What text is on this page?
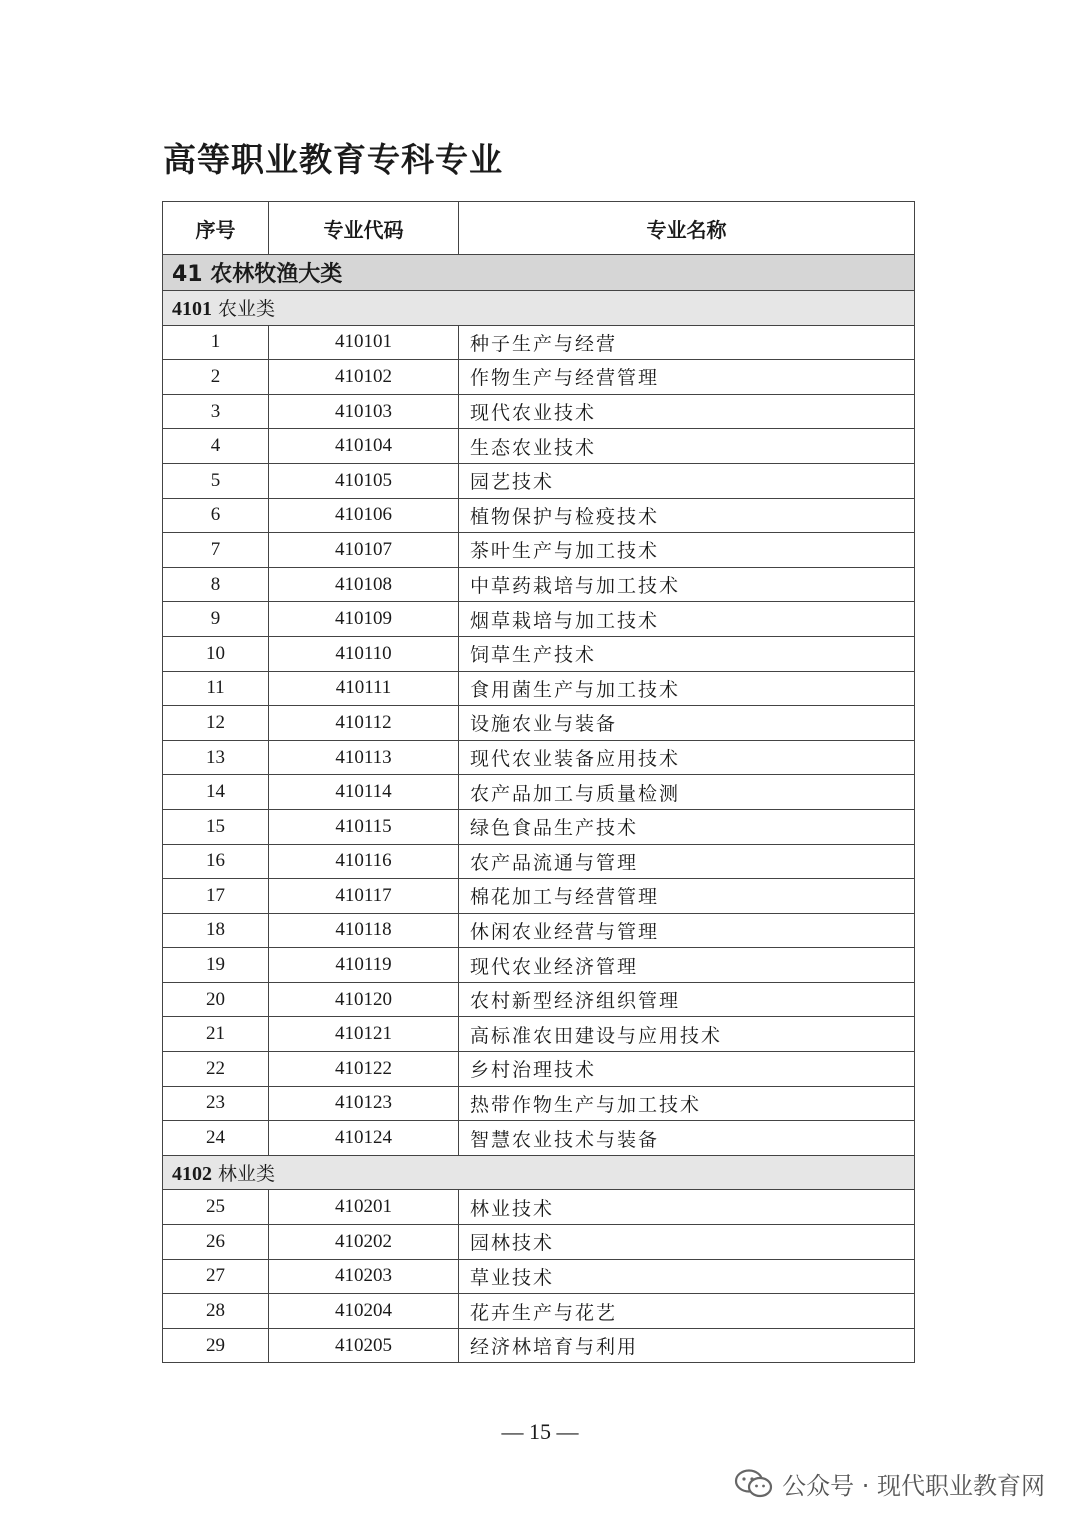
高等职业教育专科专业
序号	专业代码	专业名称
41 农林牧渔大类		
4101 农业类		
1	410101	种子生产与经营
2	410102	作物生产与经营管理
3	410103	现代农业技术
4	410104	生态农业技术
5	410105	园艺技术
6	410106	植物保护与检疫技术
7	410107	茶叶生产与加工技术
8	410108	中草药栽培与加工技术
9	410109	烟草栽培与加工技术
10	410110	饲草生产技术
11	410111	食用菌生产与加工技术
12	410112	设施农业与装备
13	410113	现代农业装备应用技术
14	410114	农产品加工与质量检测
15	410115	绿色食品生产技术
16	410116	农产品流通与管理
17	410117	棉花加工与经营管理
18	410118	休闲农业经营与管理
19	410119	现代农业经济管理
20	410120	农村新型经济组织管理
21	410121	高标准农田建设与应用技术
22	410122	乡村治理技术
23	410123	热带作物生产与加工技术
24	410124	智慧农业技术与装备
4102 林业类		
25	410201	林业技术
26	410202	园林技术
27	410203	草业技术
28	410204	花卉生产与花艺
29	410205	经济林培育与利用
— 15 —
公众号 · 现代职业教育网
